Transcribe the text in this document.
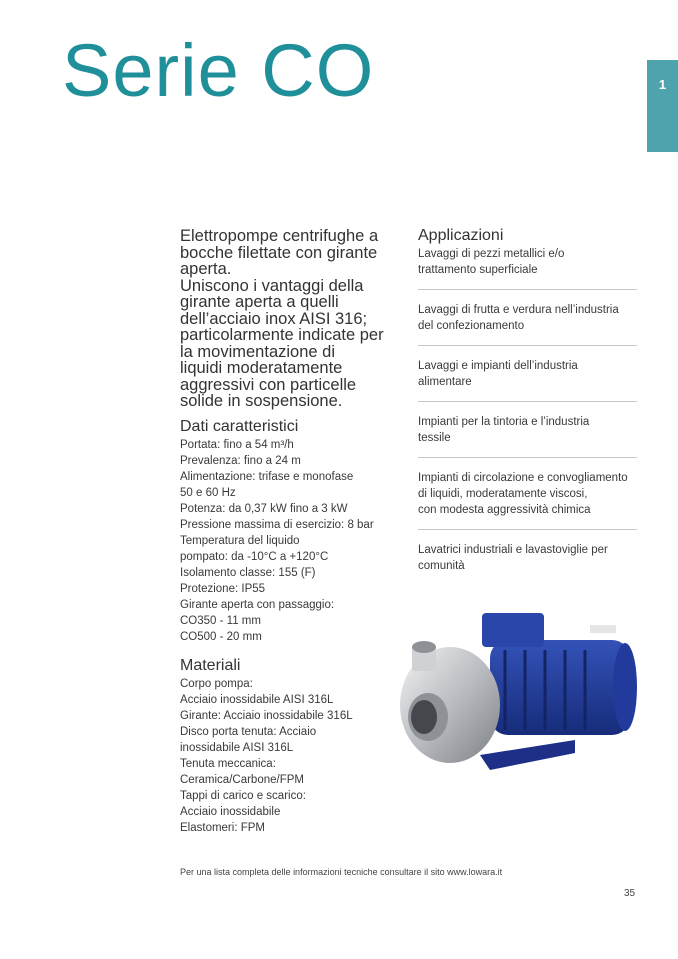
Serie CO	1

Elettropompe centrifughe a
bocche filettate con girante
aperta.
Uniscono i vantaggi della
girante aperta a quelli
dell’acciaio inox AISI 316;
particolarmente indicate per
la movimentazione di
liquidi moderatamente
aggressivi con particelle
solide in sospensione.

Dati caratteristici
Portata: fino a 54 m³/h
Prevalenza: fino a 24 m
Alimentazione: trifase e monofase
50 e 60 Hz
Potenza: da 0,37 kW fino a 3 kW
Pressione massima di esercizio: 8 bar
Temperatura del liquido
pompato: da -10°C a +120°C
Isolamento classe: 155 (F)
Protezione: IP55
Girante aperta con passaggio:
CO350 - 11 mm
CO500 - 20 mm
Materiali
Corpo pompa:
Acciaio inossidabile AISI 316L
Girante: Acciaio inossidabile 316L
Disco porta tenuta: Acciaio
inossidabile AISI 316L
Tenuta meccanica:
Ceramica/Carbone/FPM
Tappi di carico e scarico:
Acciaio inossidabile
Elastomeri: FPM
Applicazioni
Lavaggi di pezzi metallici e/o
trattamento superficiale
Lavaggi di frutta e verdura nell’industria
del confezionamento
Lavaggi e impianti dell’industria
alimentare
Impianti per la tintoria e l’industria
tessile
Impianti di circolazione e convogliamento
di liquidi, moderatamente viscosi,
con modesta aggressività chimica
Lavatrici industriali e lavastoviglie per
comunità

Per una lista completa delle informazioni tecniche consultare il sito www.lowara.it

35
